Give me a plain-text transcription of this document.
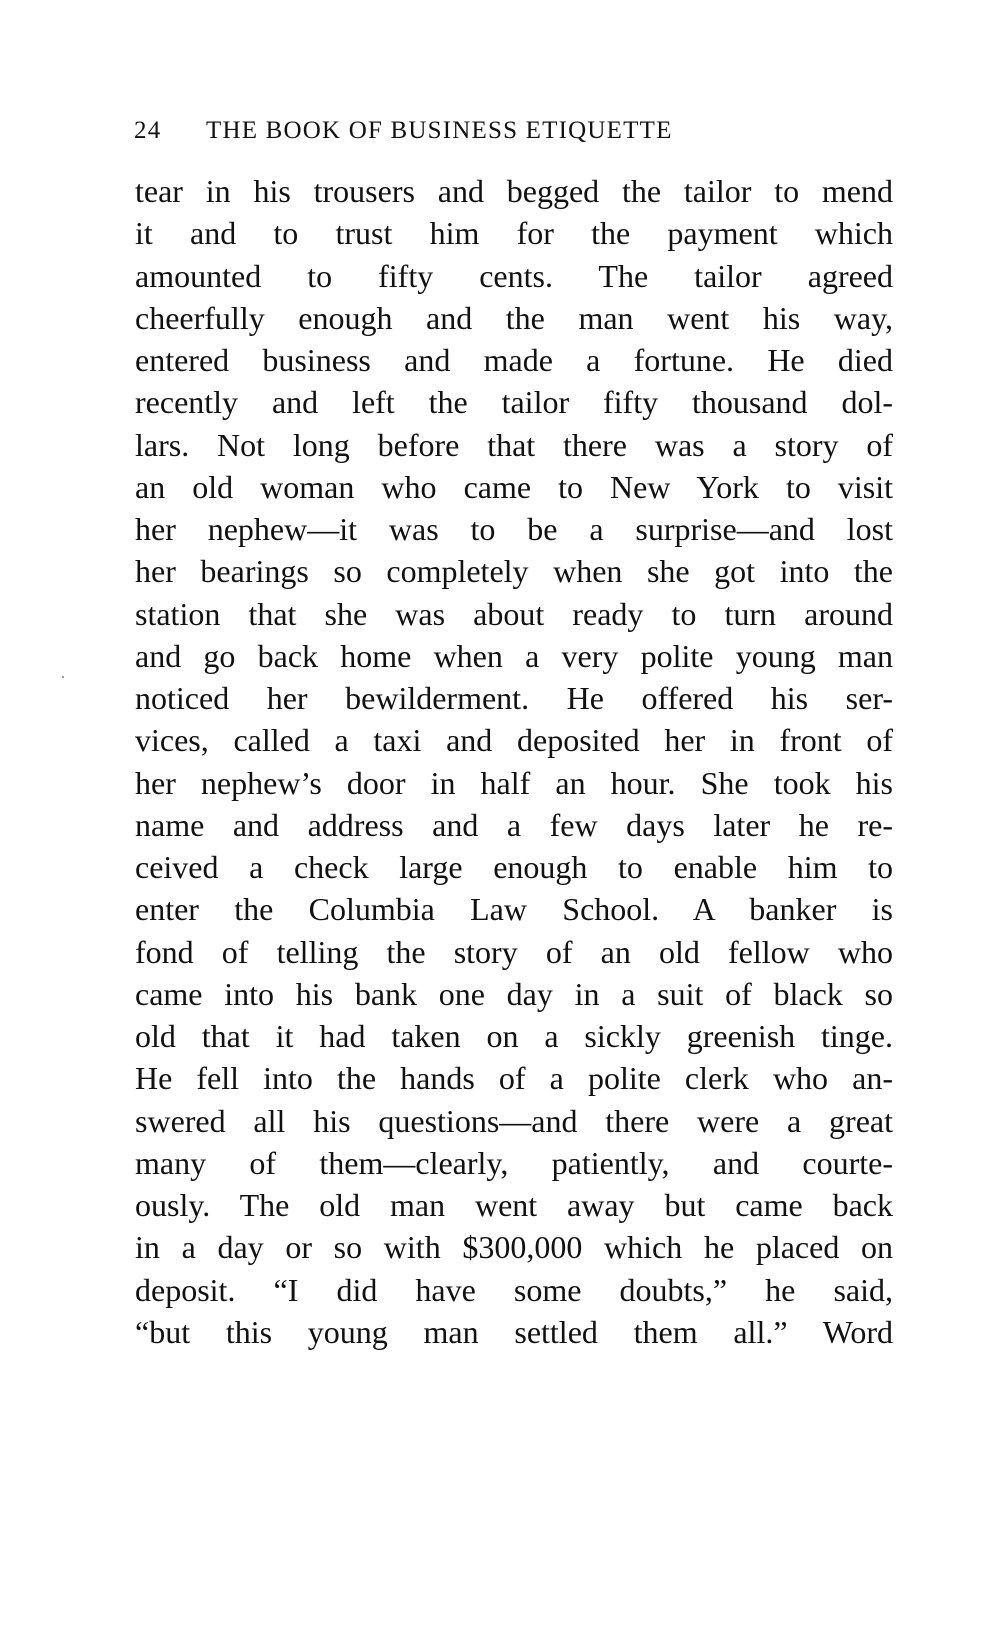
24 THE BOOK OF BUSINESS ETIQUETTE
tear in his trousers and begged the tailor to mend
it and to trust him for the payment which
amounted to fifty cents. The tailor agreed
cheerfully enough and the man went his way,
entered business and made a fortune. He died
recently and left the tailor fifty thousand dol-
lars. Not long before that there was a story of
an old woman who came to New York to visit
her nephew—it was to be a surprise—and lost
her bearings so completely when she got into the
station that she was about ready to turn around
and go back home when a very polite young man
noticed her bewilderment. He offered his ser-
vices, called a taxi and deposited her in front of
her nephew’s door in half an hour. She took his
name and address and a few days later he re-
ceived a check large enough to enable him to
enter the Columbia Law School. A banker is
fond of telling the story of an old fellow who
came into his bank one day in a suit of black so
old that it had taken on a sickly greenish tinge.
He fell into the hands of a polite clerk who an-
swered all his questions—and there were a great
many of them—clearly, patiently, and courte-
ously. The old man went away but came back
in a day or so with $300,000 which he placed on
deposit. “I did have some doubts,” he said,
“but this young man settled them all.” Word
